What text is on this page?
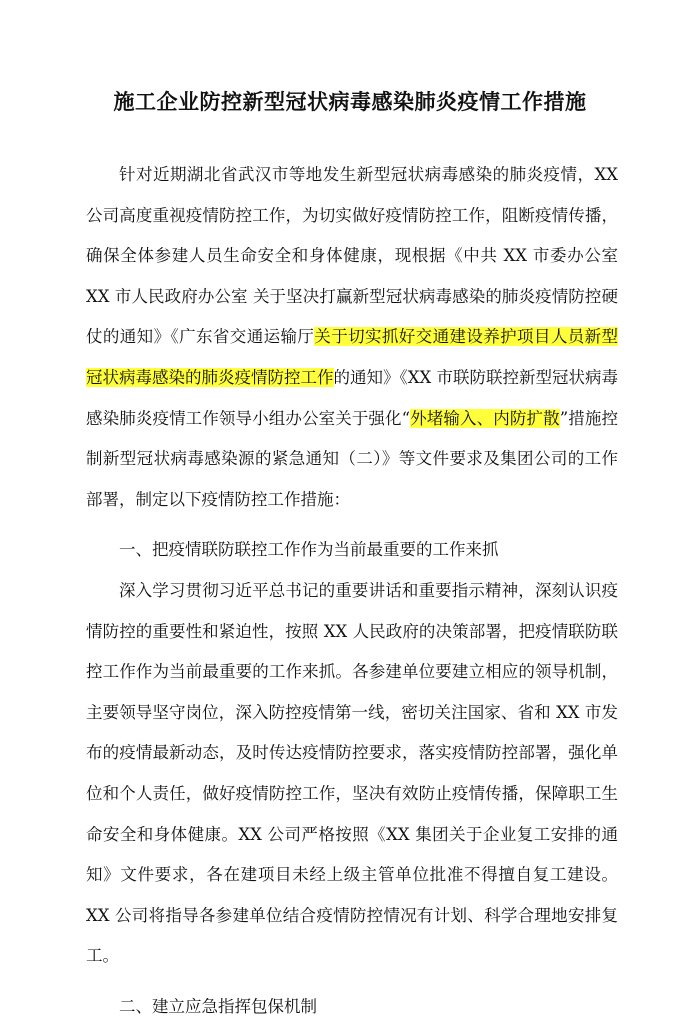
施工企业防控新型冠状病毒感染肺炎疫情工作措施

针对近期湖北省武汉市等地发生新型冠状病毒感染的肺炎疫情，XX 公司高度重视疫情防控工作，为切实做好疫情防控工作，阻断疫情传播，确保全体参建人员生命安全和身体健康，现根据《中共 XX 市委办公室 XX 市人民政府办公室 关于坚决打赢新型冠状病毒感染的肺炎疫情防控硬仗的通知》《广东省交通运输厅关于切实抓好交通建设养护项目人员新型冠状病毒感染的肺炎疫情防控工作的通知》《XX 市联防联控新型冠状病毒感染肺炎疫情工作领导小组办公室关于强化“外堵输入、内防扩散”措施控制新型冠状病毒感染源的紧急通知（二）》等文件要求及集团公司的工作部署，制定以下疫情防控工作措施：

一、把疫情联防联控工作作为当前最重要的工作来抓

深入学习贯彻习近平总书记的重要讲话和重要指示精神，深刻认识疫情防控的重要性和紧迫性，按照 XX 人民政府的决策部署，把疫情联防联控工作作为当前最重要的工作来抓。各参建单位要建立相应的领导机制，主要领导坚守岗位，深入防控疫情第一线，密切关注国家、省和 XX 市发布的疫情最新动态，及时传达疫情防控要求，落实疫情防控部署，强化单位和个人责任，做好疫情防控工作，坚决有效防止疫情传播，保障职工生命安全和身体健康。XX 公司严格按照《XX 集团关于企业复工安排的通知》文件要求，各在建项目未经上级主管单位批准不得擅自复工建设。XX 公司将指导各参建单位结合疫情防控情况有计划、科学合理地安排复工。

二、建立应急指挥包保机制
